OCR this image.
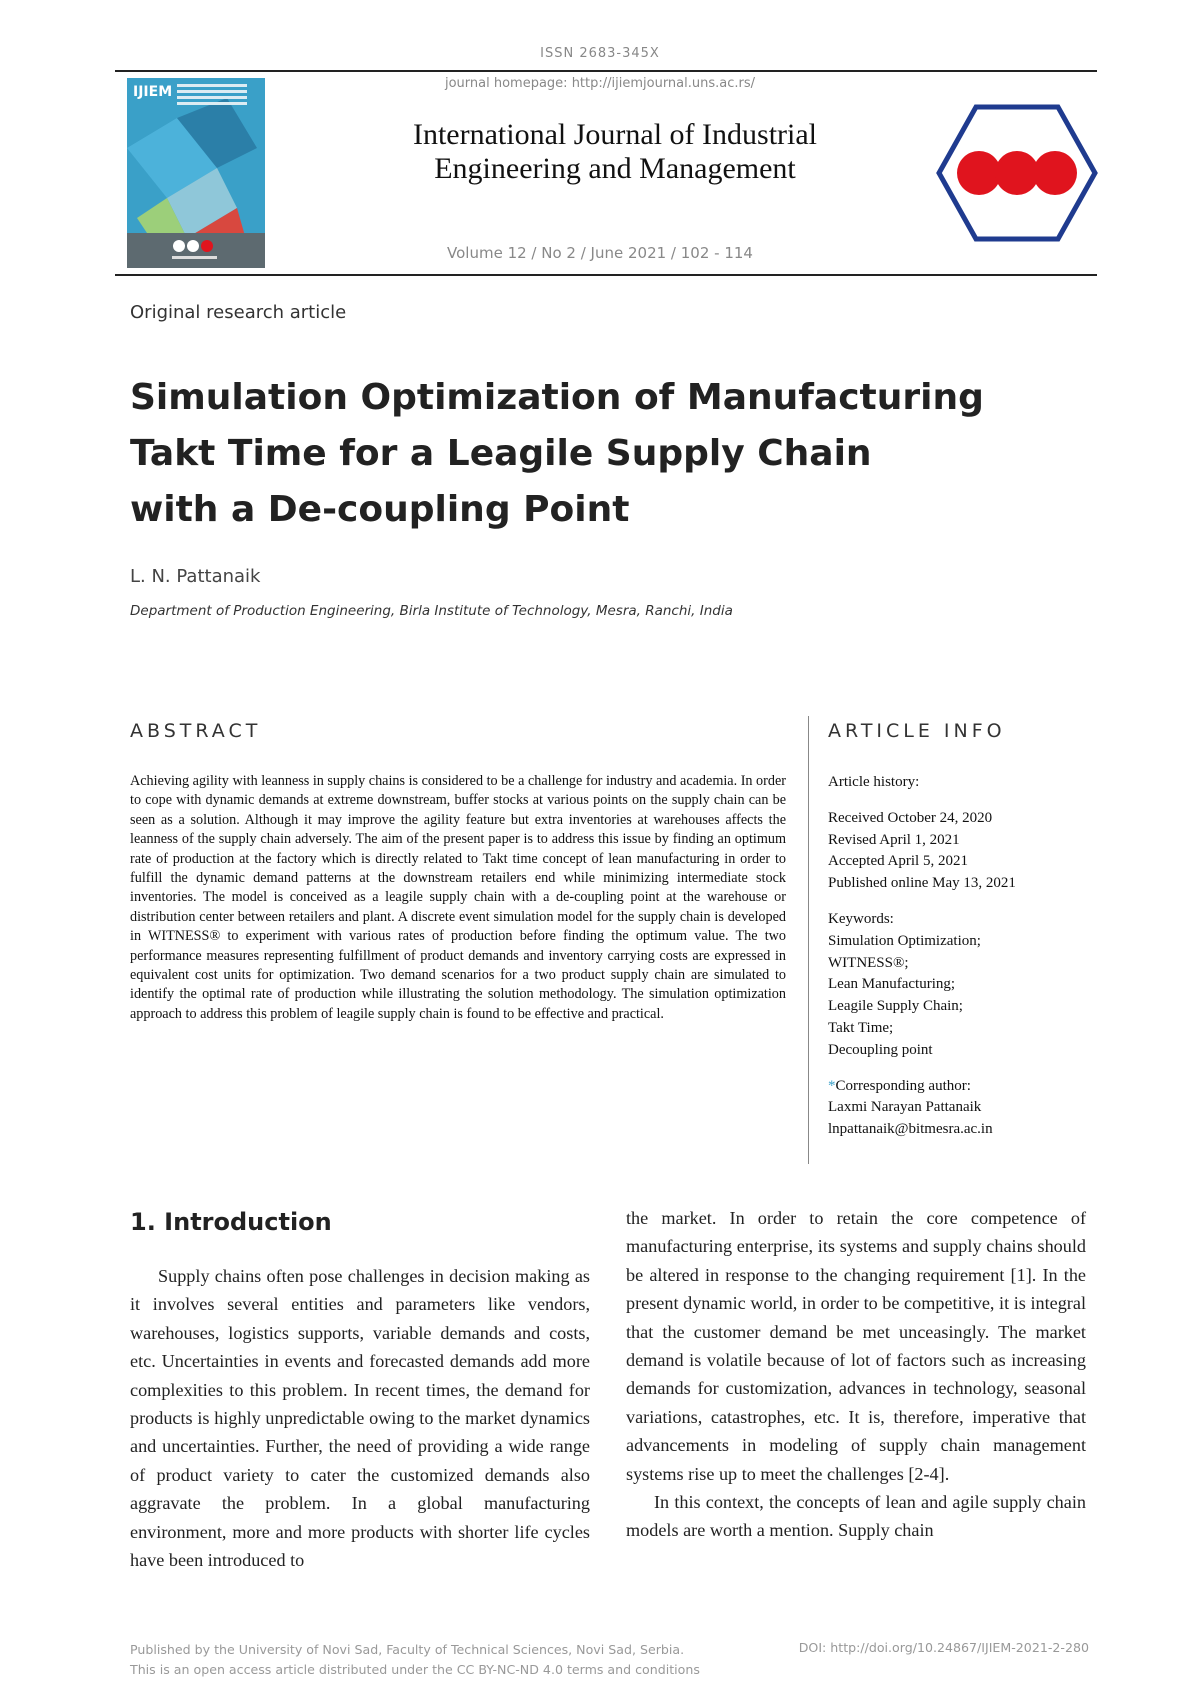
ISSN 2683-345X
journal homepage: http://ijiemjournal.uns.ac.rs/
IJIEM
International Journal of Industrial
Engineering and Management
Volume 12 / No 2 / June 2021 / 102 - 114
Original research article
Simulation Optimization of Manufacturing
Takt Time for a Leagile Supply Chain
with a De-coupling Point
L. N. Pattanaik
Department of Production Engineering, Birla Institute of Technology, Mesra, Ranchi, India
ABSTRACT
Achieving agility with leanness in supply chains is considered to be a challenge for industry and academia. In order to cope with dynamic demands at extreme downstream, buffer stocks at various points on the supply chain can be seen as a solution. Although it may improve the agility feature but extra inventories at warehouses affects the leanness of the supply chain adversely. The aim of the present paper is to address this issue by finding an optimum rate of production at the factory which is directly related to Takt time concept of lean manufacturing in order to fulfill the dynamic demand patterns at the downstream retailers end while minimizing intermediate stock inventories. The model is conceived as a leagile supply chain with a de-coupling point at the warehouse or distribution center between retailers and plant. A discrete event simulation model for the supply chain is developed in WITNESS® to experiment with various rates of production before finding the optimum value. The two performance measures representing fulfillment of product demands and inventory carrying costs are expressed in equivalent cost units for optimization. Two demand scenarios for a two product supply chain are simulated to identify the optimal rate of production while illustrating the solution methodology. The simulation optimization approach to address this problem of leagile supply chain is found to be effective and practical.
ARTICLE INFO

Article history:

Received October 24, 2020

Revised April 1, 2021

Accepted April 5, 2021

Published online May 13, 2021

Keywords:

Simulation Optimization;

WITNESS®;

Lean Manufacturing;

Leagile Supply Chain;

Takt Time;

Decoupling point

*Corresponding author:

Laxmi Narayan Pattanaik

lnpattanaik@bitmesra.ac.in

1. Introduction
Supply chains often pose challenges in decision making as it involves several entities and parameters like vendors, warehouses, logistics supports, variable demands and costs, etc. Uncertainties in events and forecasted demands add more complexities to this problem. In recent times, the demand for products is highly unpredictable owing to the market dynamics and uncertainties. Further, the need of providing a wide range of product variety to cater the customized demands also aggravate the problem. In a global manufacturing environment, more and more products with shorter life cycles have been introduced to

the market. In order to retain the core competence of manufacturing enterprise, its systems and supply chains should be altered in response to the changing requirement [1]. In the present dynamic world, in order to be competitive, it is integral that the customer demand be met unceasingly. The market demand is volatile because of lot of factors such as increasing demands for customization, advances in technology, seasonal variations, catastrophes, etc. It is, therefore, imperative that advancements in modeling of supply chain management systems rise up to meet the challenges [2-4].

In this context, the concepts of lean and agile supply chain models are worth a mention. Supply chain

Published by the University of Novi Sad, Faculty of Technical Sciences, Novi Sad, Serbia.
This is an open access article distributed under the CC BY-NC-ND 4.0 terms and conditions
DOI: http://doi.org/10.24867/IJIEM-2021-2-280
